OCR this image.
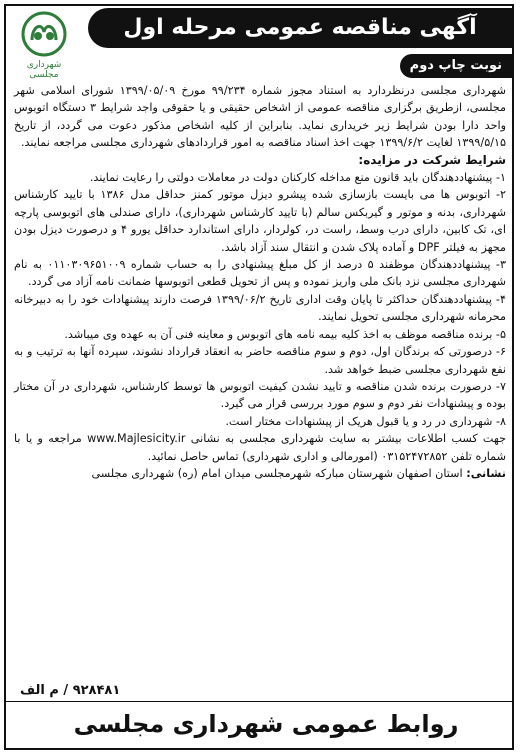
آگهی مناقصه عمومی مرحله اول (نوبت اول)	نوبت چاپ دوم
شهرداری مجلسی

شهرداری مجلسی درنظردارد به استناد مجوز شماره ۹۹/۲۳۴ مورخ ۱۳۹۹/۰۵/۰۹ شورای اسلامی شهر مجلسی، ازطریق برگزاری مناقصه عمومی از اشخاص حقیقی و یا حقوقی واجد شرایط ۳ دستگاه اتوبوس واحد دارا بودن شرایط زیر خریداری نماید. بنابراین از کلیه اشخاص مذکور دعوت می گردد، از تاریخ ۱۳۹۹/۵/۱۵ لغایت ۱۳۹۹/۶/۲ جهت اخذ اسناد مناقصه به امور قراردادهای شهرداری مجلسی مراجعه نمایند.

شرایط شرکت در مزایده:

۱- پیشنهاددهندگان باید قانون منع مداخله کارکنان دولت در معاملات دولتی را رعایت نمایند.

۲- اتوبوس ها می بایست بازسازی شده پیشرو دیزل موتور کمنز حداقل مدل ۱۳۸۶ با تایید کارشناس شهرداری، بدنه و موتور و گیربکس سالم (با تایید کارشناس شهرداری)، دارای صندلی های اتوبوسی پارچه ای، تک کابین، دارای درب وسط، راست در، کولردار، دارای استاندارد حداقل یورو ۴ و درصورت دیزل بودن مجهز به فیلتر DPF و آماده پلاک شدن و انتقال سند آزاد باشد.

۳- پیشنهاددهندگان موظفند ۵ درصد از کل مبلغ پیشنهادی را به حساب شماره ۰۱۱۰۳۰۹۶۵۱۰۰۹ به نام شهرداری مجلسی نزد بانک ملی واریز نموده و پس از تحویل قطعی اتوبوسها ضمانت نامه آزاد می گردد.

۴- پیشنهاددهندگان حداکثر تا پایان وقت اداری تاریخ ۱۳۹۹/۰۶/۲ فرصت دارند پیشنهادات خود را به دبیرخانه محرمانه شهرداری مجلسی تحویل نمایند.

۵- برنده مناقصه موظف به اخذ کلیه بیمه نامه های اتوبوس و معاینه فنی آن به عهده وی میباشد.

۶- درصورتی که برندگان اول، دوم و سوم مناقصه حاضر به انعقاد قرارداد نشوند، سپرده آنها به ترتیب و به نفع شهرداری مجلسی ضبط خواهد شد.

۷- درصورت برنده شدن مناقصه و تایید نشدن کیفیت اتوبوس ها توسط کارشناس، شهرداری در آن مختار بوده و پیشنهادات نفر دوم و سوم مورد بررسی قرار می گیرد.

۸- شهرداری در رد و یا قبول هریک از پیشنهادات مختار است.

جهت کسب اطلاعات بیشتر به سایت شهرداری مجلسی به نشانی www.Majlesicity.ir مراجعه و یا با شماره تلفن ۰۳۱۵۲۴۷۲۸۵۲ (امورمالی و اداری شهرداری) تماس حاصل نمائید.

نشانی: استان اصفهان شهرستان مبارکه شهرمجلسی میدان امام (ره) شهرداری مجلسی

۹۲۸۴۸۱ / م الف
روابط عمومی شهرداری مجلسی
